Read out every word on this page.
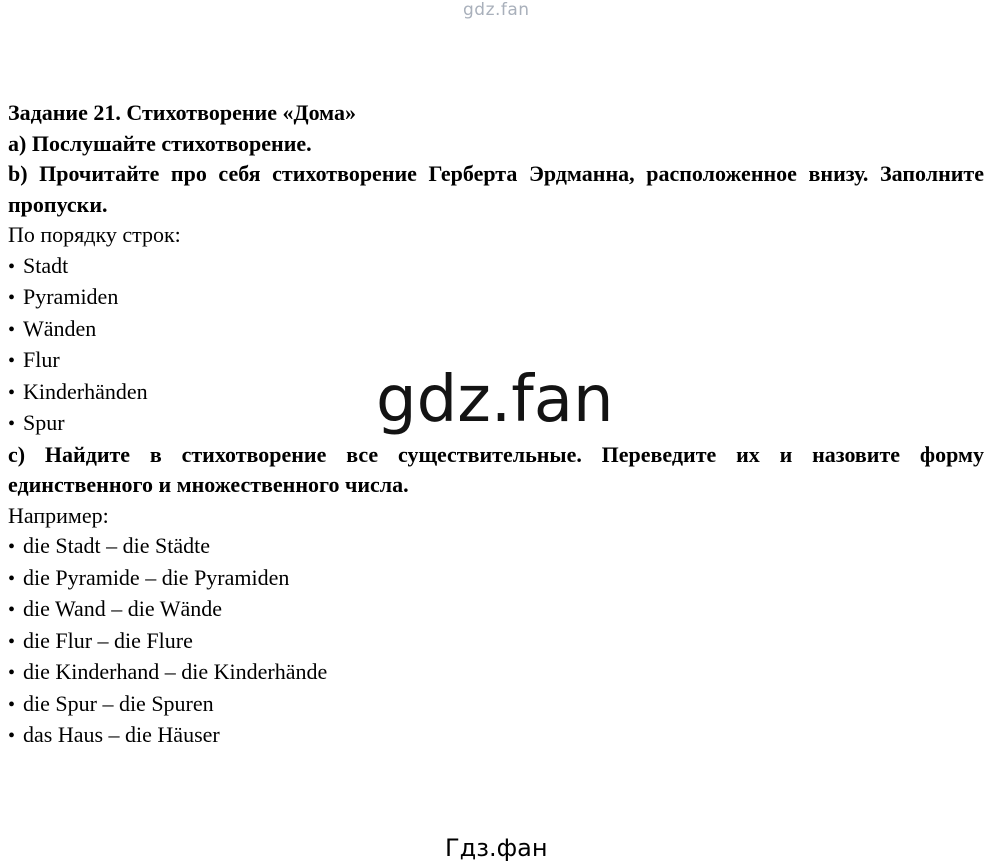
gdz.fan

Задание 21. Стихотворение «Дома»

а) Послушайте стихотворение.

b) Прочитайте про себя стихотворение Герберта Эрдманна, расположенное внизу. Заполните пропуски.

По порядку строк:

• Stadt
• Pyramiden
• Wänden
• Flur
• Kinderhänden
• Spur

с) Найдите в стихотворение все существительные. Переведите их и назовите форму единственного и множественного числа.

Например:

• die Stadt – die Städte
• die Pyramide – die Pyramiden
• die Wand – die Wände
• die Flur – die Flure
• die Kinderhand – die Kinderhände
• die Spur – die Spuren
• das Haus – die Häuser
gdz.fan
Гдз.фан
